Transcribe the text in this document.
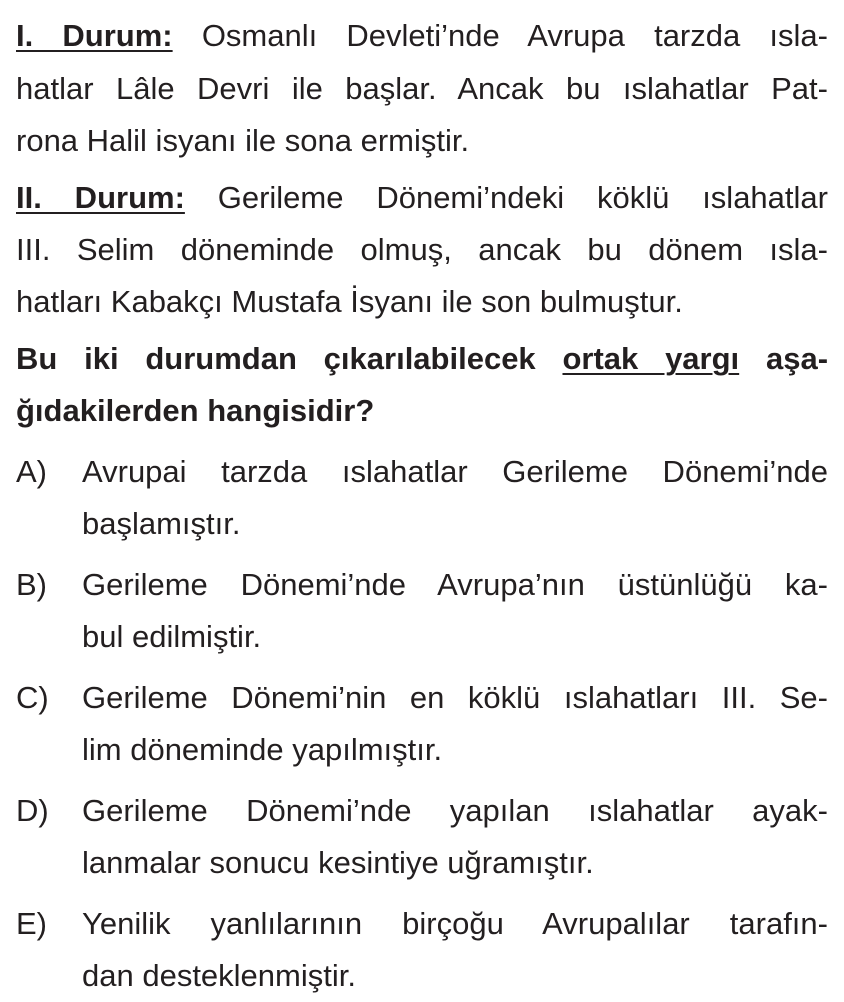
I. Durum: Osmanlı Devleti’nde Avrupa tarzda ısla-
hatlar Lâle Devri ile başlar. Ancak bu ıslahatlar Pat-
rona Halil isyanı ile sona ermiştir.
II. Durum: Gerileme Dönemi’ndeki köklü ıslahatlar
III. Selim döneminde olmuş, ancak bu dönem ısla-
hatları Kabakçı Mustafa İsyanı ile son bulmuştur.
Bu iki durumdan çıkarılabilecek ortak yargı aşa-
ğıdakilerden hangisidir?
A) Avrupai tarzda ıslahatlar Gerileme Dönemi’nde
başlamıştır.
B) Gerileme Dönemi’nde Avrupa’nın üstünlüğü ka-
bul edilmiştir.
C) Gerileme Dönemi’nin en köklü ıslahatları III. Se-
lim döneminde yapılmıştır.
D) Gerileme Dönemi’nde yapılan ıslahatlar ayak-
lanmalar sonucu kesintiye uğramıştır.
E) Yenilik yanlılarının birçoğu Avrupalılar tarafın-
dan desteklenmiştir.
